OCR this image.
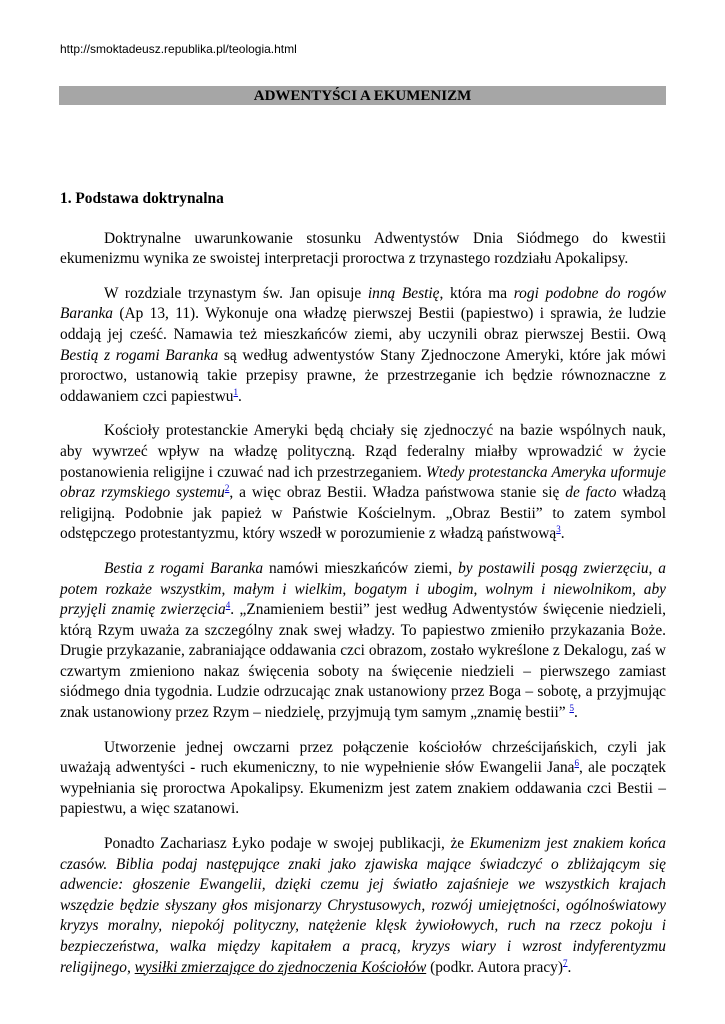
http://smoktadeusz.republika.pl/teologia.html
ADWENTYŚCI A EKUMENIZM
1. Podstawa doktrynalna

Doktrynalne uwarunkowanie stosunku Adwentystów Dnia Siódmego do kwestii ekumenizmu wynika ze swoistej interpretacji proroctwa z trzynastego rozdziału Apokalipsy.

W rozdziale trzynastym św. Jan opisuje inną Bestię, która ma rogi podobne do rogów Baranka (Ap 13, 11). Wykonuje ona władzę pierwszej Bestii (papiestwo) i sprawia, że ludzie oddają jej cześć. Namawia też mieszkańców ziemi, aby uczynili obraz pierwszej Bestii. Ową Bestią z rogami Baranka są według adwentystów Stany Zjednoczone Ameryki, które jak mówi proroctwo, ustanowią takie przepisy prawne, że przestrzeganie ich będzie równoznaczne z oddawaniem czci papiestwu$^1$.

Kościoły protestanckie Ameryki będą chciały się zjednoczyć na bazie wspólnych nauk, aby wywrzeć wpływ na władzę polityczną. Rząd federalny miałby wprowadzić w życie postanowienia religijne i czuwać nad ich przestrzeganiem. Wtedy protestancka Ameryka uformuje obraz rzymskiego systemu$^2$, a więc obraz Bestii. Władza państwowa stanie się de facto władzą religijną. Podobnie jak papież w Państwie Kościelnym. „Obraz Bestii” to zatem symbol odstępczego protestantyzmu, który wszedł w porozumienie z władzą państwową$^3$.

Bestia z rogami Baranka namówi mieszkańców ziemi, by postawili posąg zwierzęciu, a potem rozkaże wszystkim, małym i wielkim, bogatym i ubogim, wolnym i niewolnikom, aby przyjęli znamię zwierzęcia$^4$. „Znamieniem bestii” jest według Adwentystów święcenie niedzieli, którą Rzym uważa za szczególny znak swej władzy. To papiestwo zmieniło przykazania Boże. Drugie przykazanie, zabraniające oddawania czci obrazom, zostało wykreślone z Dekalogu, zaś w czwartym zmieniono nakaz święcenia soboty na święcenie niedzieli – pierwszego zamiast siódmego dnia tygodnia. Ludzie odrzucając znak ustanowiony przez Boga – sobotę, a przyjmując znak ustanowiony przez Rzym – niedzielę, przyjmują tym samym „znamię bestii” $^5$.

Utworzenie jednej owczarni przez połączenie kościołów chrześcijańskich, czyli jak uważają adwentyści - ruch ekumeniczny, to nie wypełnienie słów Ewangelii Jana$^6$, ale początek wypełniania się proroctwa Apokalipsy. Ekumenizm jest zatem znakiem oddawania czci Bestii – papiestwu, a więc szatanowi.

Ponadto Zachariasz Łyko podaje w swojej publikacji, że Ekumenizm jest znakiem końca czasów. Biblia podaj następujące znaki jako zjawiska mające świadczyć o zbliżającym się adwencie: głoszenie Ewangelii, dzięki czemu jej światło zajaśnieje we wszystkich krajach wszędzie będzie słyszany głos misjonarzy Chrystusowych, rozwój umiejętności, ogólnoświatowy kryzys moralny, niepokój polityczny, natężenie klęsk żywiołowych, ruch na rzecz pokoju i bezpieczeństwa, walka między kapitałem a pracą, kryzys wiary i wzrost indyferentyzmu religijnego, wysiłki zmierzające do zjednoczenia Kościołów (podkr. Autora pracy)$^7$.
